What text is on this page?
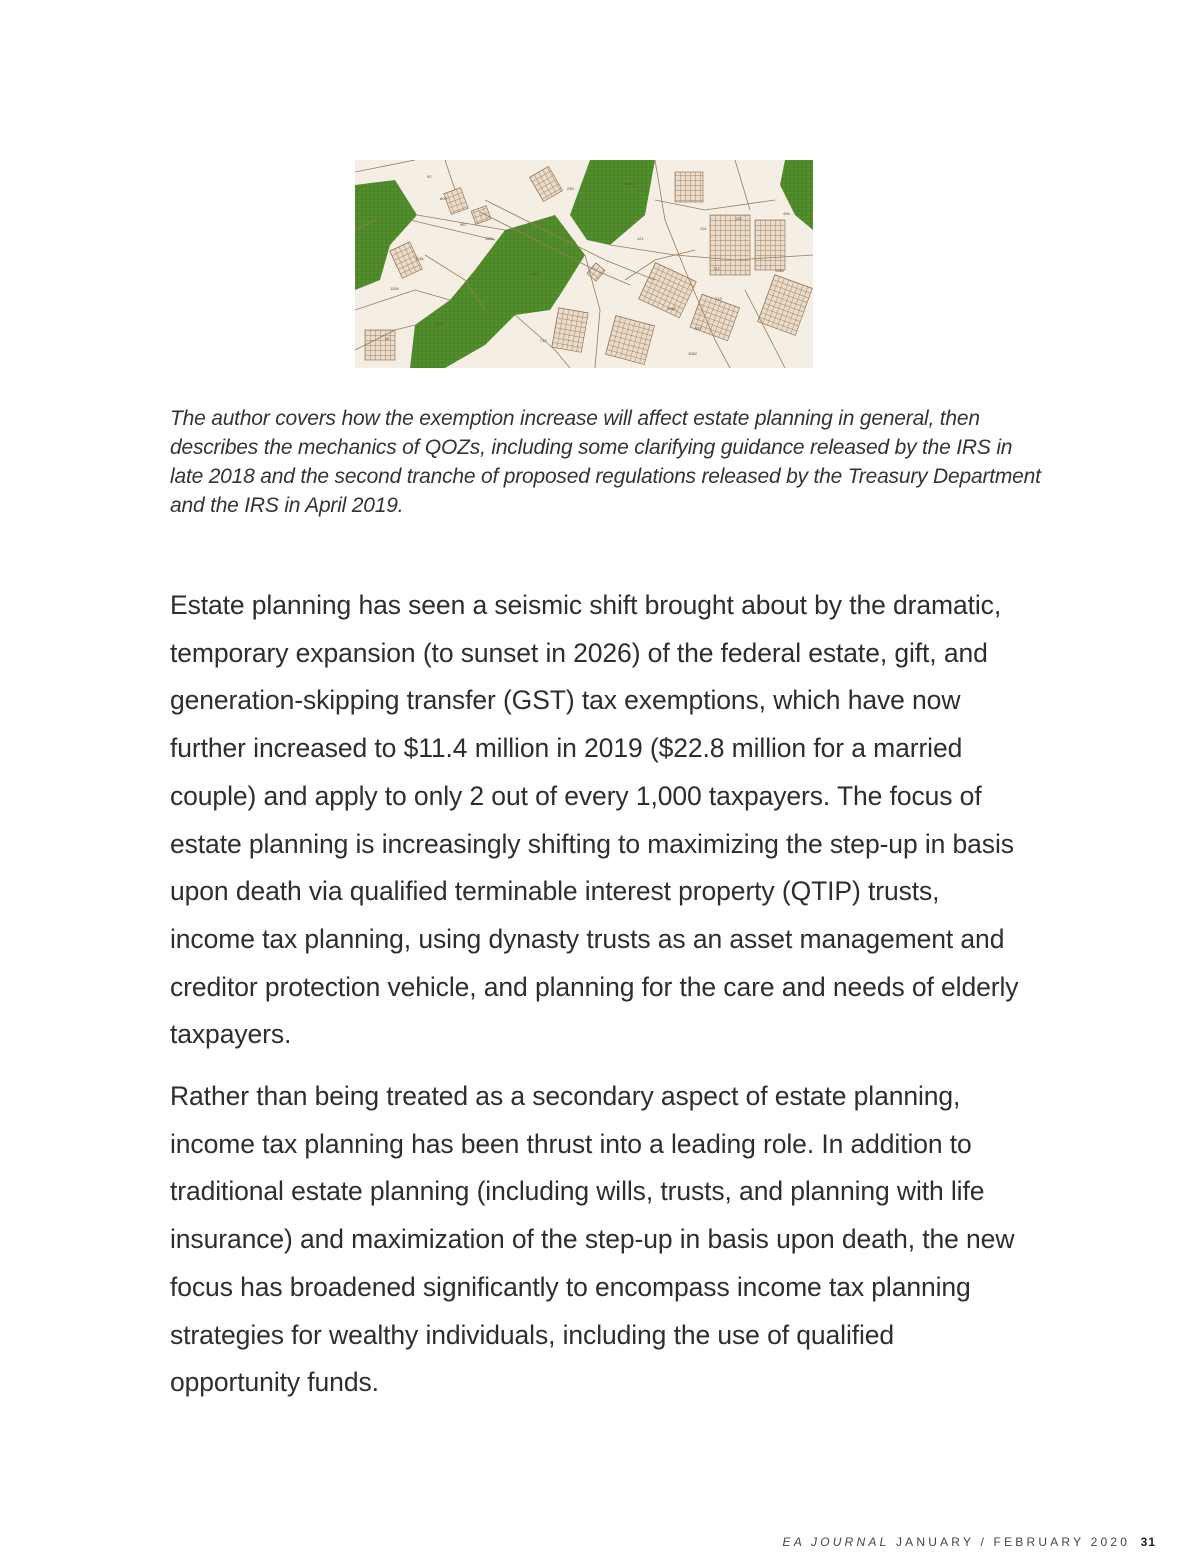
92
800
957
1156
1180
1136
1108
1181
2047
712
230
121
114
132
406
4380
712
1063
937
1062
713
16

The author covers how the exemption increase will affect estate planning in general, then describes the mechanics of QOZs, including some clarifying guidance released by the IRS in late 2018 and the second tranche of proposed regulations released by the Treasury Department and the IRS in April 2019.

Estate planning has seen a seismic shift brought about by the dramatic, temporary expansion (to sunset in 2026) of the federal estate, gift, and generation-skipping transfer (GST) tax exemptions, which have now further increased to $11.4 million in 2019 ($22.8 million for a married couple) and apply to only 2 out of every 1,000 taxpayers. The focus of estate planning is increasingly shifting to maximizing the step-up in basis upon death via qualified terminable interest property (QTIP) trusts, income tax planning, using dynasty trusts as an asset management and creditor protection vehicle, and planning for the care and needs of elderly taxpayers.

Rather than being treated as a secondary aspect of estate planning, income tax planning has been thrust into a leading role. In addition to traditional estate planning (including wills, trusts, and planning with life insurance) and maximization of the step-up in basis upon death, the new focus has broadened significantly to encompass income tax planning strategies for wealthy individuals, including the use of qualified opportunity funds.

EA JOURNAL JANUARY / FEBRUARY 2020 31
